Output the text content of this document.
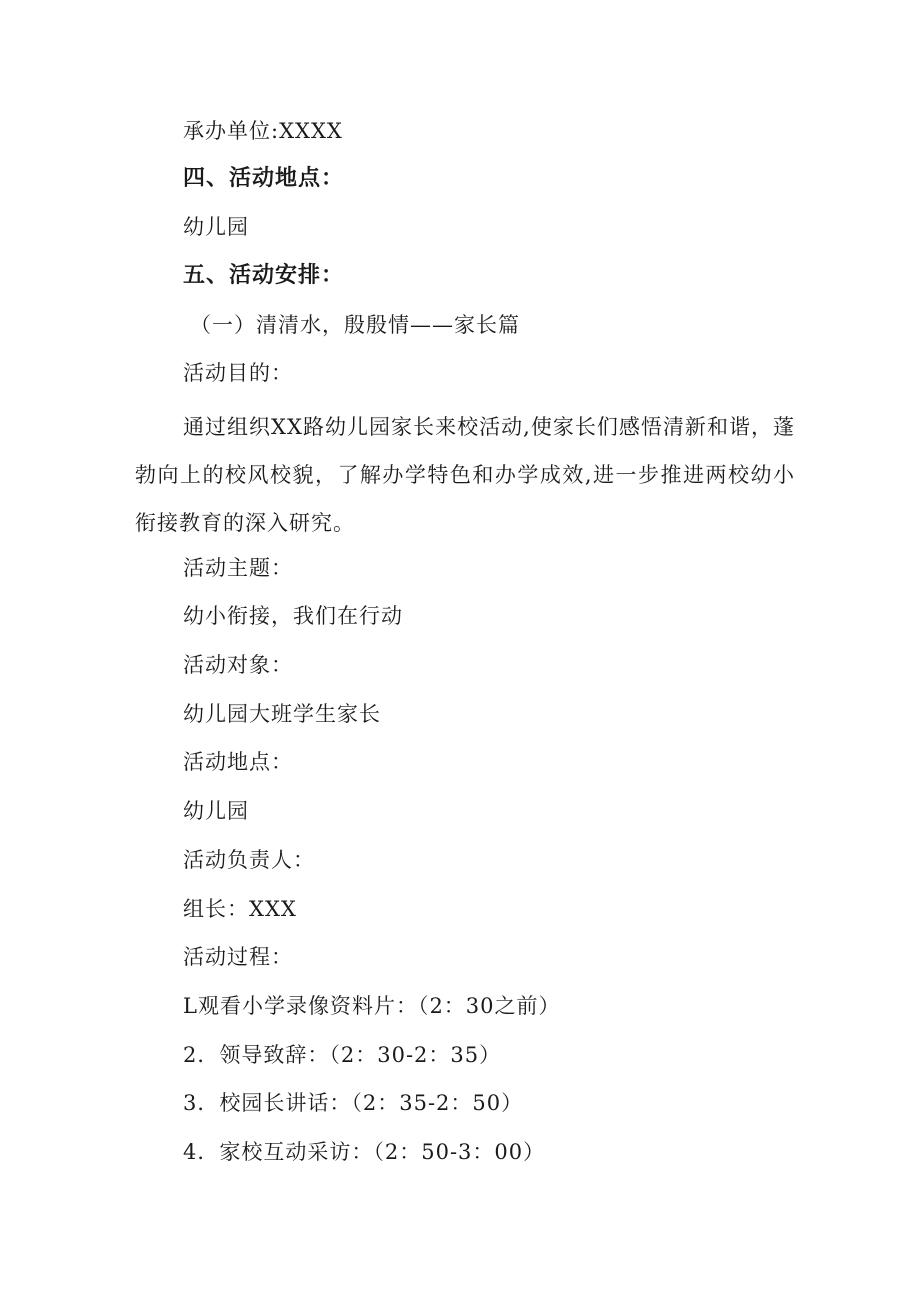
承办单位:XXXX
四、活动地点：
幼儿园
五、活动安排：
（一）清清水，殷殷情——家长篇
活动目的：
通过组织XX路幼儿园家长来校活动,使家长们感悟清新和谐，蓬勃向上的校风校貌，了解办学特色和办学成效,进一步推进两校幼小衔接教育的深入研究。
活动主题：
幼小衔接，我们在行动
活动对象：
幼儿园大班学生家长
活动地点：
幼儿园
活动负责人：
组长：XXX
活动过程：
L观看小学录像资料片：（2：30之前）
2．领导致辞：（2：30-2：35）
3．校园长讲话：（2：35-2：50）
4．家校互动采访：（2：50-3：00）
